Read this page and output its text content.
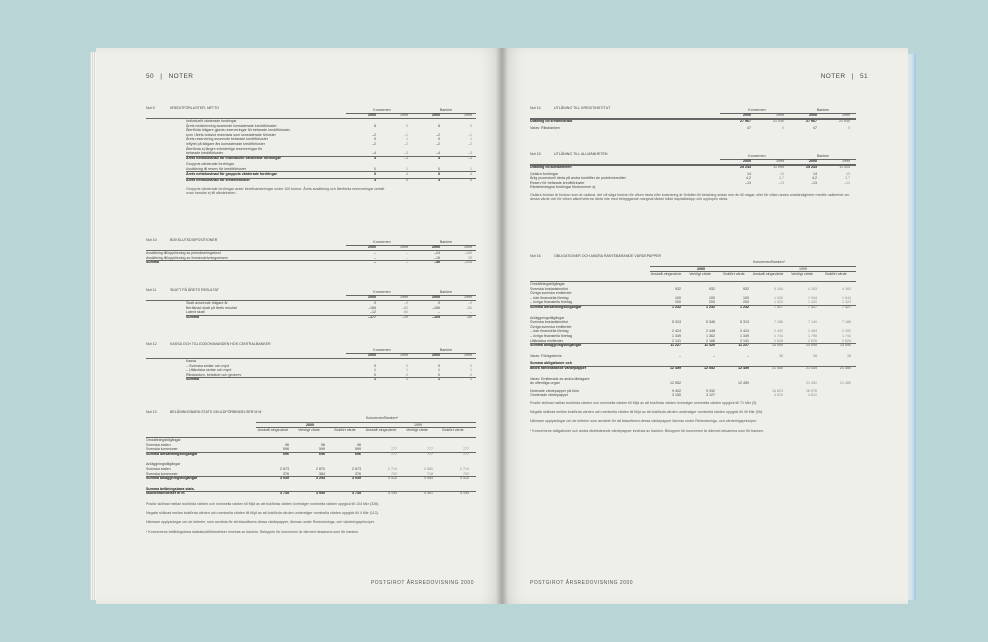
50 | NOTER
Not 9	KREDITFÖRLUSTER, NETTO	Koncernen	Banken
2000	1999	2000	1999
Individuellt värderade fordringar
Årets nedskrivning avseende konstaterade kreditförluster	8	0	8	0
Återförda tidigare gjorda reserveringar för befarade kreditförluster,
som i årets bokslut redovisas som konstaterade förluster	–2	–1	–2	–1
Årets reservering avseende befarade kreditförluster	0	1	0	1
Inflytet på tidigare års konstaterade kreditförluster	–2	–2	–2	–2
Återförda ej längre erforderliga reserveringar för
befarade kreditförluster	–4	–3	–4	–3
Årets nettokostnad för individuellt värderade fordringar	4	–1	4	–1
Gruppvis värderade fordringar
Avsättning till reserv för kreditförluster	0	1	0	1
Årets nettokostnad för gruppvis värderade fordringar	0	1	0	1
Årets nettokostnad för kreditförluster	4	0	4	0
Gruppvis värderade fordringar avser lönefinansieringar under 100 kronor. Årets avsättning och återförda reserveringar omfatt ovan handlar ej till allmänheten.
Not 10	BOKSLUTSDISPOSITIONER	Koncernen	Banken
2000	1999	2000	1999
Avsättning till/upplösning av periodiseringsfond	–	–	–24	–189
Avsättning till/upplösning av överavskrivningsreserv	–	–	–16	25
Summa	–	–	–40	–214
Not 11	SKATT PÅ ÅRETS RESULTAT	Koncernen	Banken
2000	1999	2000	1999
Skatt avseende tidigare år	0	–9	0	–9
Beräknad skatt på årets resultat	–165	–80	–165	–80
Latent skatt	–12	60	–	–
Summa	–177	–29	–165	–89
Not 12	KASSA OCH TILLGODOHAVANDEN HOS CENTRALBANKER
Koncernen	Banken
2000	1999	2000	1999
Kassa
– Svenska sedlar och mynt	0	0	0	0
– Utländska sedlar och mynt	1	1	1	1
Riksbanken, betalkort och girobrev	0	0	0	0
Summa	1	1	1	1
Not 13	BELÅNINGSBARA STATS-SKULDFÖRBINDELSER M M
Koncernen/Banken*
2000	1999
Anskaff-ningsvärde	Verkligt värde	Bokfört värde	Anskaff-ningsvärde	Verkligt värde	Bokfört värde
Omsättningstillgångar
Svenska staten	96	96	96
Svenska kommuner	596	599	599	777	777	777
Summa omsättningstillgångar	696	696	696	777	777	777
Anläggningstillgångar
Svenska staten	2 673	2 870	2 673	2 714	2 880	2 714
Svenska kommuner	376	384	376	702	718	702
Summa anläggningstillgångar	3 049	3 254	3 049	3 416	3 584	3 416
Summa belåningsbara stats-
skuldförbindelser m m	3 745	3 950	3 745	4 193	4 361	4 193
Positiv skillnad mellan bokförda värden och nominella värden till följd av att bokförda värden överstiger nominella värden uppgick till 104 Mkr (336).
Negativ skillnad mellan bokförda värden och nominella värden till följd av att bokförda värden understiger nominella värden uppgick till 4 Mkr (113).
Närmare upplysningar om de kriterier, som använts för att klassificera dessa värdepapper, lämnas under Redovisnings- och värderingsprinciper.
* Koncernens belåningsbara statsskuldförbindelser innehas av banken. Beloppen för koncernen är därmed desamma som för banken.
POSTGIROT ÅRSREDOVISNING 2000
NOTER | 51
Not 14	UTLÅNING TILL KREDITINSTITUT	Koncernen	Banken
2000	1999	2000	1999
Utlåning till kreditinstitut	27 967	21 040	27 967	21 040
Varav: Riksbanken	47	0	47	0
Not 15	UTLÅNING TILL ALLMÄNHETEN	Koncernen	Banken
2000	1999	2000	1999
Utlåning till allmänheten	25 243	11 095	25 243	11 424
Osäkra fordringar	14	13	14	13
Årlig procentuell ränta på andra kreditfler än problemkrediter	4,2	3,7	4,2	3,7
Reserv för befarade kreditförluster	–13	–13	–13	–13
Räntebedragna fordringar förekommer ej.
Osäkra fordran är fordran som är osäkral, det vill säga fordran för vilken ränta eller kostnaring är förfallen till betalning sedan mer än 60 dagar, eller för vilken andra omständigheter medför osäkerhet om dessa värde och för vilken säkerheterna ränta inte med betryggande marginal täcker både kapitalbelopp och upplupen ränta.
Not 16	OBLIGATIONER OCH ANDRA RÄNTEBÄRANDE VÄRDEPAPPER
Koncernen/Banken*
2000	1999
Anskaff-ningsvärde	Verkligt värde	Bokfört värde	Anskaff-ningsvärde	Verkligt värde	Bokfört värde
Omsättningstillgångar
Svenska bostadsinstitut	932	932	932	4 164	4 163	4 163
Övriga svenska emittenter
– icke finansiella företag	100	100	100	1 940	1 944	1 944
– övriga finansiella företag	200	200	200	1 320	1 320	1 320
Summa omsättningstillgångar	1 232	1 232	1 232	7 427	7 427	7 427
Anläggningstillgångar
Svenska bostadsinstitut	5 313	5 346	5 313	7 186	7 140	7 186
Övriga svenska emittenter
– icke finansiella företag	2 424	2 448	2 424	2 492	2 464	2 492
– övriga finansiella företag	1 349	1 362	1 349	1 744	1 798	1 744
Utländska emittenter	2 141	2 166	2 141	2 628	2 626	2 628
Summa anläggningstillgångar	11 227	11 320	11 227	14 050	14 008	14 050
Varav: Förlagsbevis	–	–	–	38	38	38
Summa obligationer och
andra räntebärande värdepapper	12 459	12 552	12 459	21 480	21 435	21 480
Varav: Emitterade av andra låntagare
än offentliga organ	12 552	12 459	21 492	21 480
Noterade värdepapper på börs	9 402	9 332	16 623	16 576
Onoterade värdepapper	3 150	3 127	4 810	4 812
Positiv skillnad mellan bokförda värden och nominella värden till följd av att bokförda värden överstiger nominella värden uppgick till 71 Mkr (3).
Negativ skillnad mellan bokförda värden och nominella värden till följd av att bokförda värden understiger nominella värden uppgick till 49 Mkr (95).
Närmare upplysningar om de kriterier som använts för att klassificera dessa värdepapper lämnas under Redovisnings- och värderingsprinciper.
* Koncernens obligationer och andra räntebärande värdepapper innehas av banken. Beloppen för koncernen är därmed desamma som för banken.
POSTGIROT ÅRSREDOVISNING 2000
